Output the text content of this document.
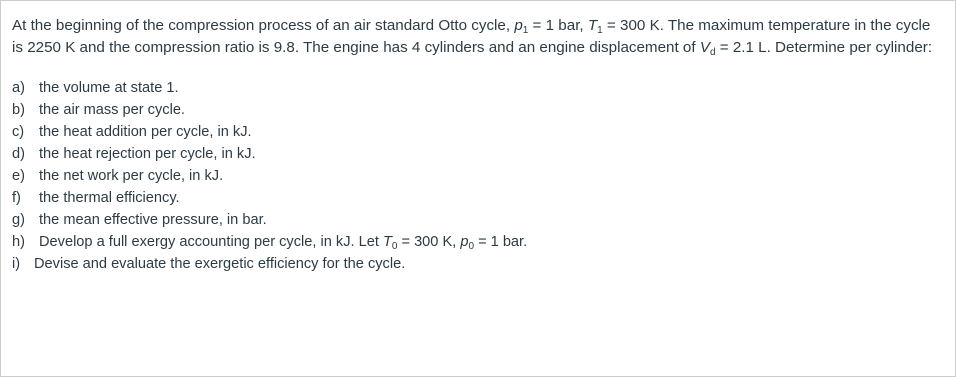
At the beginning of the compression process of an air standard Otto cycle, $p_1 = 1$ bar, $T_1 = 300$ K. The maximum temperature in the cycle is 2250 K and the compression ratio is 9.8. The engine has 4 cylinders and an engine displacement of $V_d = 2.1$ L. Determine per cylinder:

a) the volume at state 1.
b) the air mass per cycle.
c) the heat addition per cycle, in kJ.
d) the heat rejection per cycle, in kJ.
e) the net work per cycle, in kJ.
f) the thermal efficiency.
g) the mean effective pressure, in bar.
h) Develop a full exergy accounting per cycle, in kJ. Let $T_0 = 300$ K, $p_0 = 1$ bar.
i) Devise and evaluate the exergetic efficiency for the cycle.
